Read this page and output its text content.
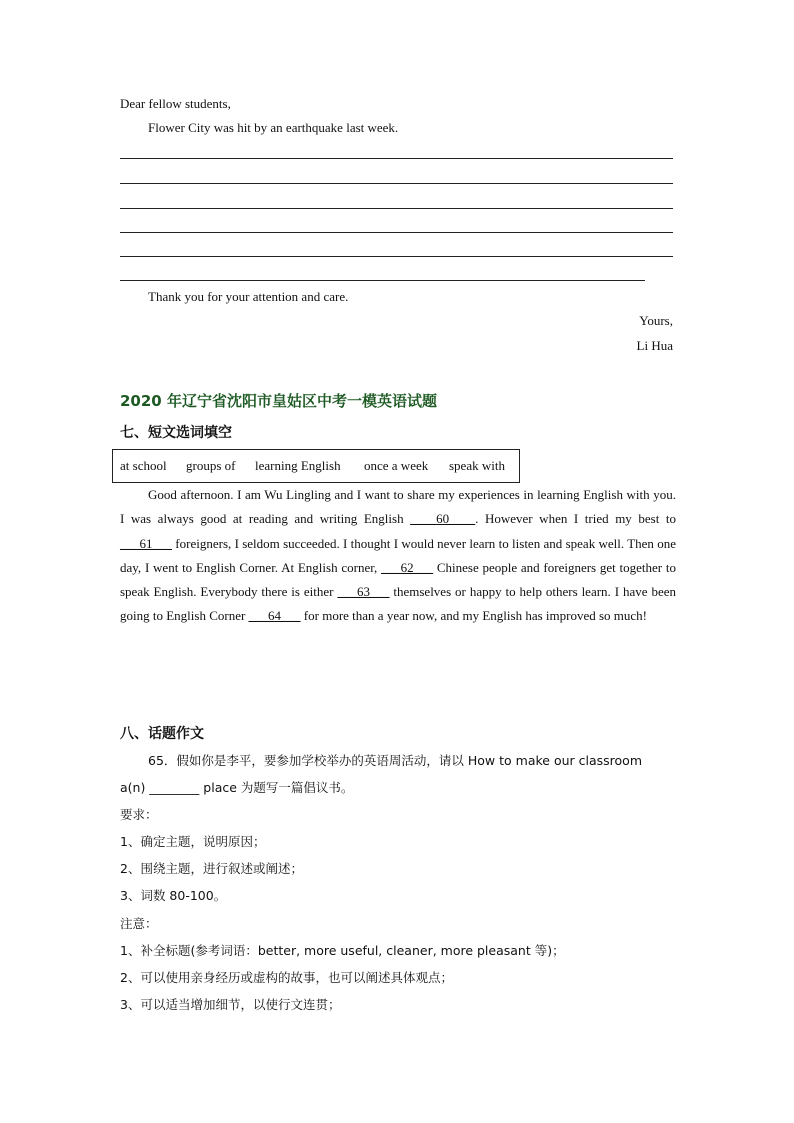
Dear fellow students,
Flower City was hit by an earthquake last week.
Thank you for your attention and care.
Yours,
Li Hua
2020 年辽宁省沈阳市皇姑区中考一模英语试题
七、短文选词填空
at school groups of learning English once a week speak with
Good afternoon. I am Wu Lingling and I want to share my experiences in learning English with you. I was always good at reading and writing English ____60____. However when I tried my best to ___61___ foreigners, I seldom succeeded. I thought I would never learn to listen and speak well. Then one day, I went to English Corner. At English corner, ___62___ Chinese people and foreigners get together to speak English. Everybody there is either ___63___ themselves or happy to help others learn. I have been going to English Corner ___64___ for more than a year now, and my English has improved so much!
八、话题作文
65．假如你是李平，要参加学校举办的英语周活动，请以 How to make our classroom
a(n) ________ place 为题写一篇倡议书。
要求：
1、确定主题，说明原因；
2、围绕主题，进行叙述或阐述；
3、词数 80-100。
注意：
1、补全标题(参考词语：better, more useful, cleaner, more pleasant 等)；
2、可以使用亲身经历或虚构的故事，也可以阐述具体观点；
3、可以适当增加细节，以使行文连贯；
